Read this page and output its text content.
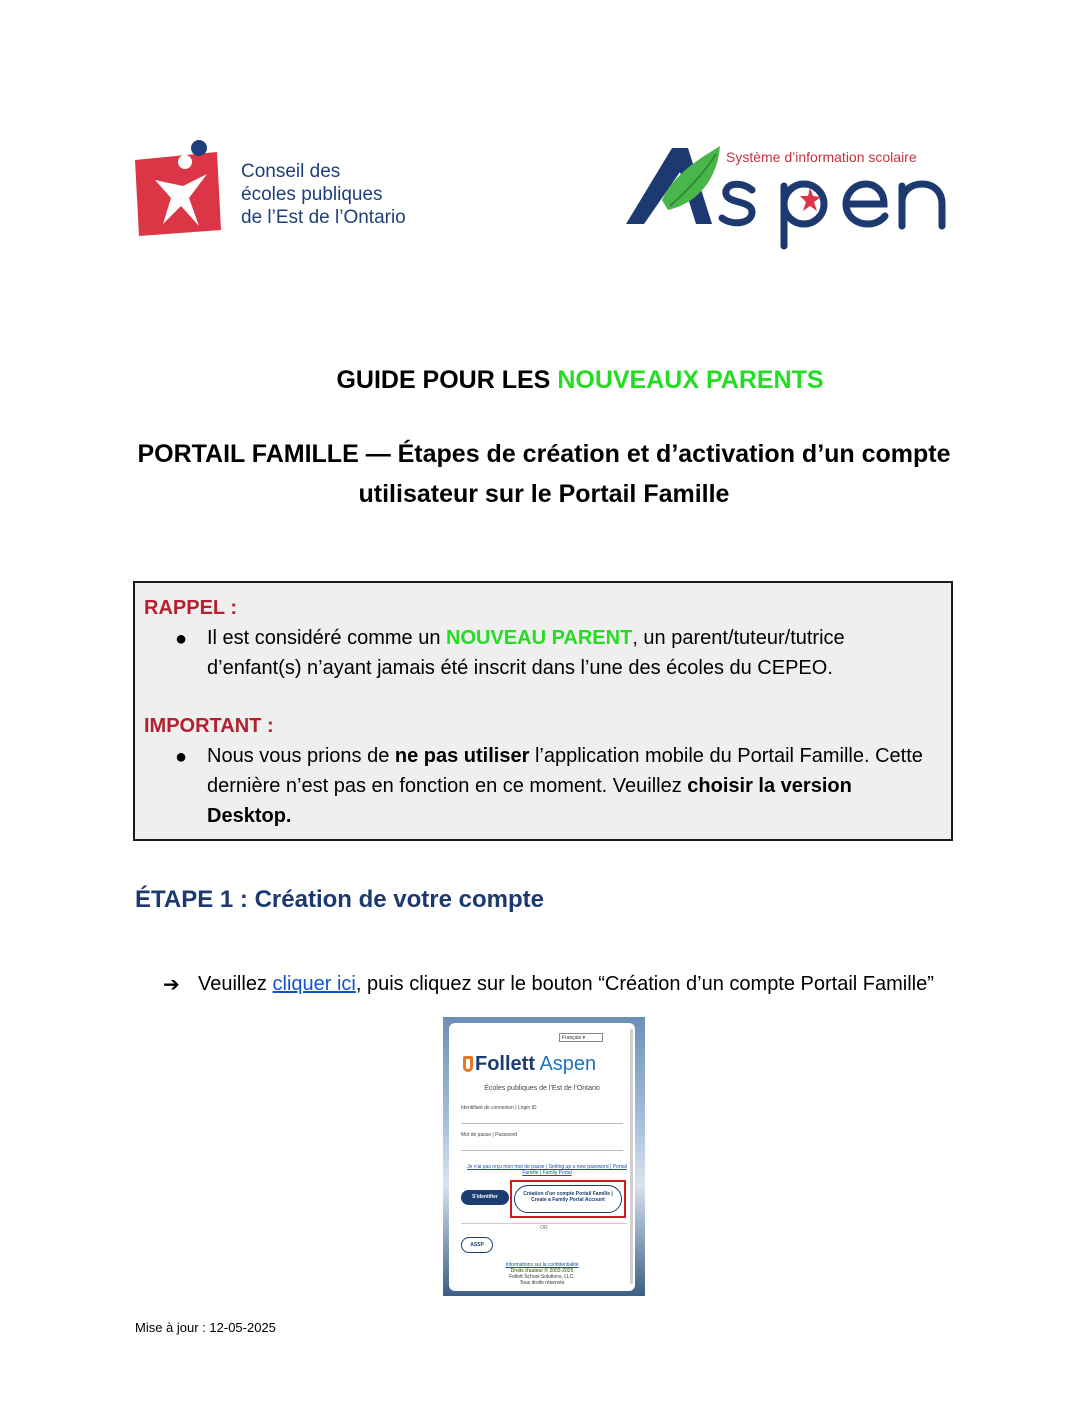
Conseil des
écoles publiques
de l’Est de l’Ontario
Système d’information scolaire
GUIDE POUR LES NOUVEAUX PARENTS
PORTAIL FAMILLE — Étapes de création et d’activation d’un compte utilisateur sur le Portail Famille
RAPPEL :
● Il est considéré comme un NOUVEAU PARENT, un parent/tuteur/tutrice d’enfant(s) n’ayant jamais été inscrit dans l’une des écoles du CEPEO.
IMPORTANT :
● Nous vous prions de ne pas utiliser l’application mobile du Portail Famille. Cette dernière n’est pas en fonction en ce moment. Veuillez choisir la version Desktop.
ÉTAPE 1 : Création de votre compte
➔ Veuillez cliquer ici, puis cliquez sur le bouton “Création d’un compte Portail Famille”
Français ▾
Follett Aspen
Écoles publiques de l’Est de l’Ontario
Identifiant de connexion | Login ID
Mot de passe | Password
Je n'ai pas reçu mon mot de passe | Setting up a new password | Portail Famille | Family Portal
S'identifier	Création d'un compte Portail Famille | Create a Family Portal Account
OR
ASSP
Informations sur la confidentialité
Droits d'auteur © 2003-2025
Follett School Solutions, LLC.
Tous droits réservés
Mise à jour : 12-05-2025
